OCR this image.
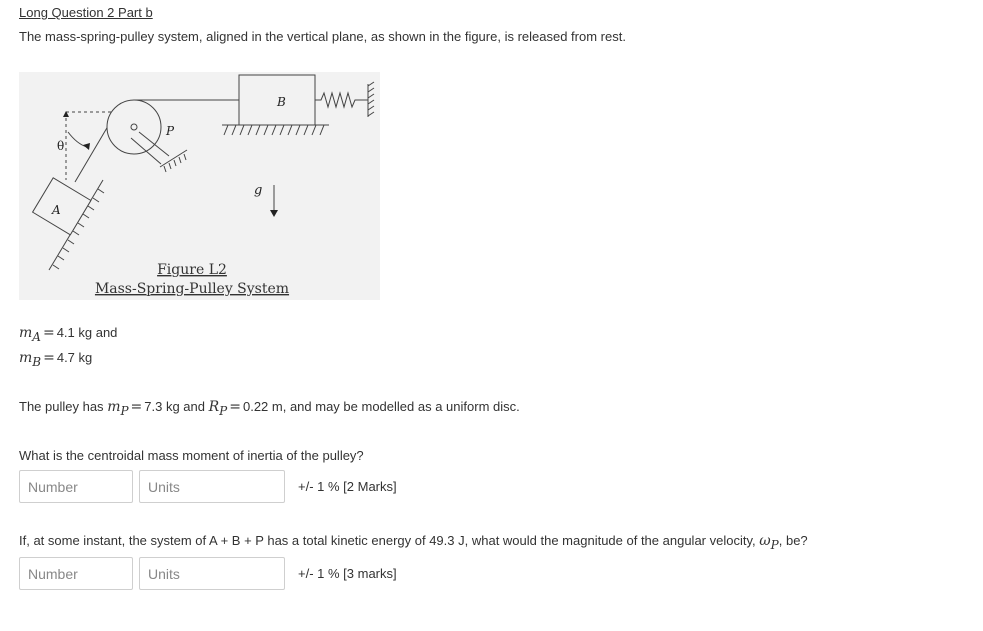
Long Question 2 Part b
The mass-spring-pulley system, aligned in the vertical plane, as shown in the figure, is released from rest.
B
A
P
θ
g
Figure L2
Mass-Spring-Pulley System
$m_A = 4.1$ kg and
$m_B = 4.7$ kg
The pulley has $m_P = 7.3$ kg and $R_P = 0.22$ m, and may be modelled as a uniform disc.
What is the centroidal mass moment of inertia of the pulley?
Number
Units
+/- 1 % [2 Marks]
If, at some instant, the system of A + B + P has a total kinetic energy of 49.3 J, what would the magnitude of the angular velocity, $\omega_P$, be?
Number
Units
+/- 1 % [3 marks]
